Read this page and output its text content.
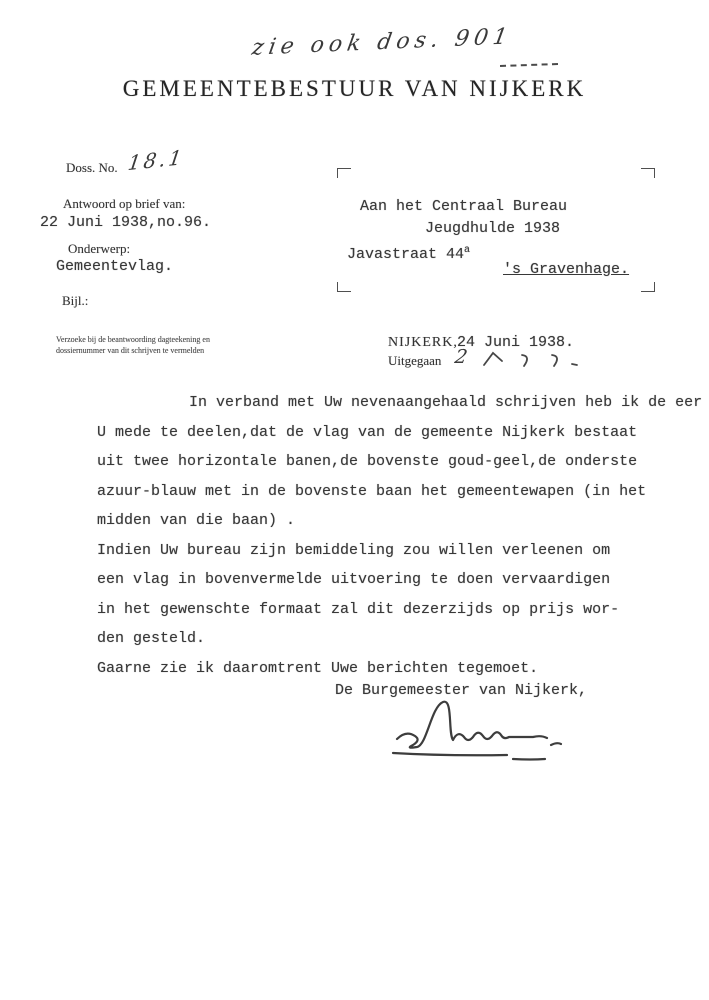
zie ook dos. 901
GEMEENTEBESTUUR VAN NIJKERK
Doss. No. 18.1
Antwoord op brief van:
22 Juni 1938,no.96.
Onderwerp:
Gemeentevlag.
Bijl.:
Verzoeke bij de beantwoording dagteekening en
dossiernummer van dit schrijven te vermelden
Aan het Centraal Bureau
Jeugdhulde 1938
Javastraat 44$^a$
's Gravenhage.
NIJKERK, 24 Juni 1938.
Uitgegaan 2
In verband met Uw nevenaangehaald schrijven heb ik de eer
U mede te deelen,dat de vlag van de gemeente Nijkerk bestaat
uit twee horizontale banen,de bovenste goud-geel,de onderste
azuur-blauw met in de bovenste baan het gemeentewapen (in het
midden van die baan) .
Indien Uw bureau zijn bemiddeling zou willen verleenen om
een vlag in bovenvermelde uitvoering te doen vervaardigen
in het gewenschte formaat zal dit dezerzijds op prijs wor-
den gesteld.
Gaarne zie ik daaromtrent Uwe berichten tegemoet.
De Burgemeester van Nijkerk,
